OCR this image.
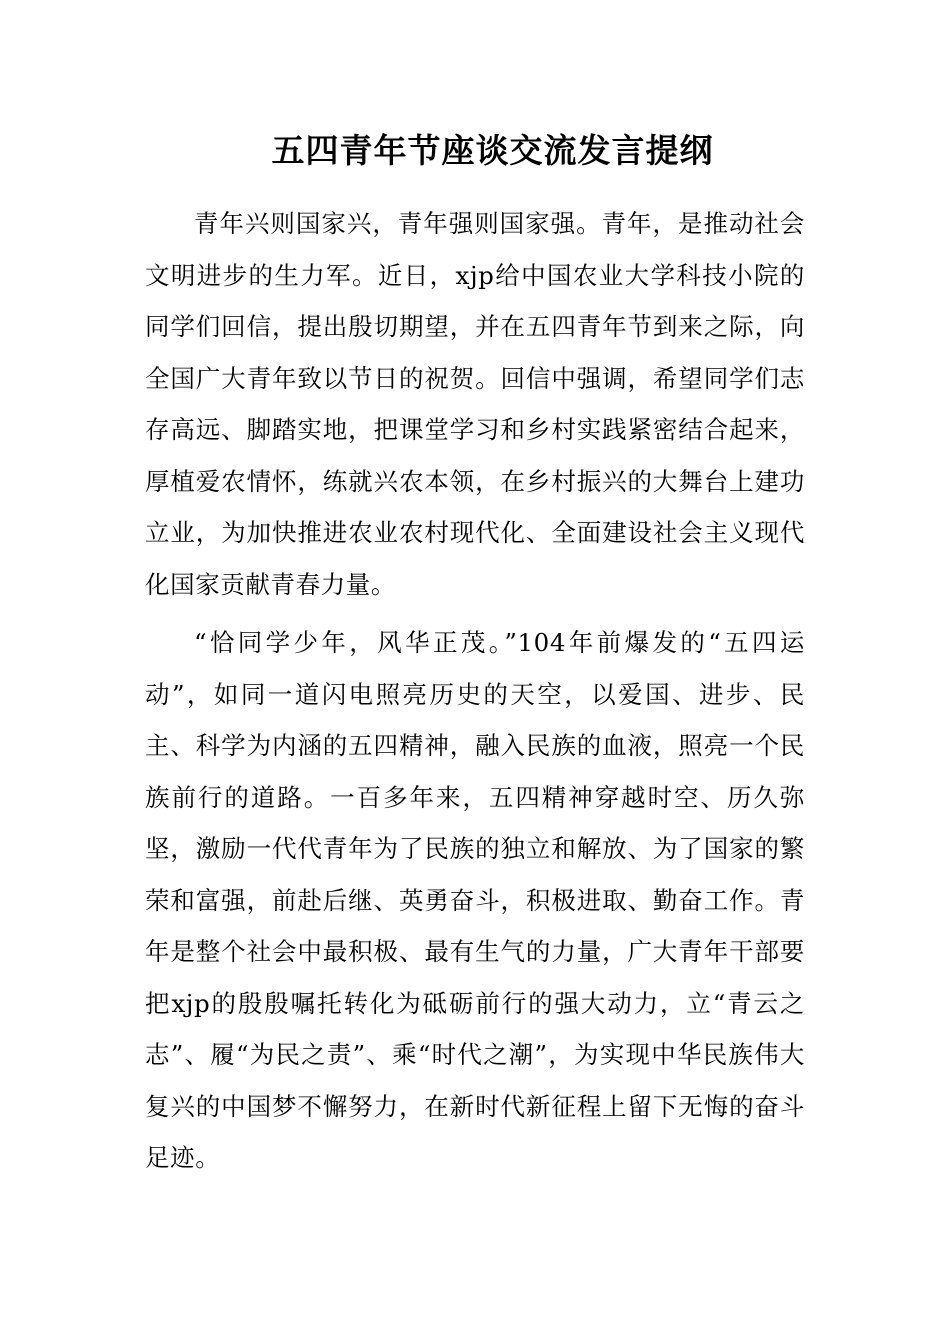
五四青年节座谈交流发言提纲

青年兴则国家兴，青年强则国家强。青年，是推动社会文明进步的生力军。近日，xjp给中国农业大学科技小院的同学们回信，提出殷切期望，并在五四青年节到来之际，向全国广大青年致以节日的祝贺。回信中强调，希望同学们志存高远、脚踏实地，把课堂学习和乡村实践紧密结合起来，厚植爱农情怀，练就兴农本领，在乡村振兴的大舞台上建功立业，为加快推进农业农村现代化、全面建设社会主义现代化国家贡献青春力量。

“恰同学少年，风华正茂。”104年前爆发的“五四运动”，如同一道闪电照亮历史的天空，以爱国、进步、民主、科学为内涵的五四精神，融入民族的血液，照亮一个民族前行的道路。一百多年来，五四精神穿越时空、历久弥坚，激励一代代青年为了民族的独立和解放、为了国家的繁荣和富强，前赴后继、英勇奋斗，积极进取、勤奋工作。青年是整个社会中最积极、最有生气的力量，广大青年干部要把xjp的殷殷嘱托转化为砥砺前行的强大动力，立“青云之志”、履“为民之责”、乘“时代之潮”，为实现中华民族伟大复兴的中国梦不懈努力，在新时代新征程上留下无悔的奋斗足迹。
